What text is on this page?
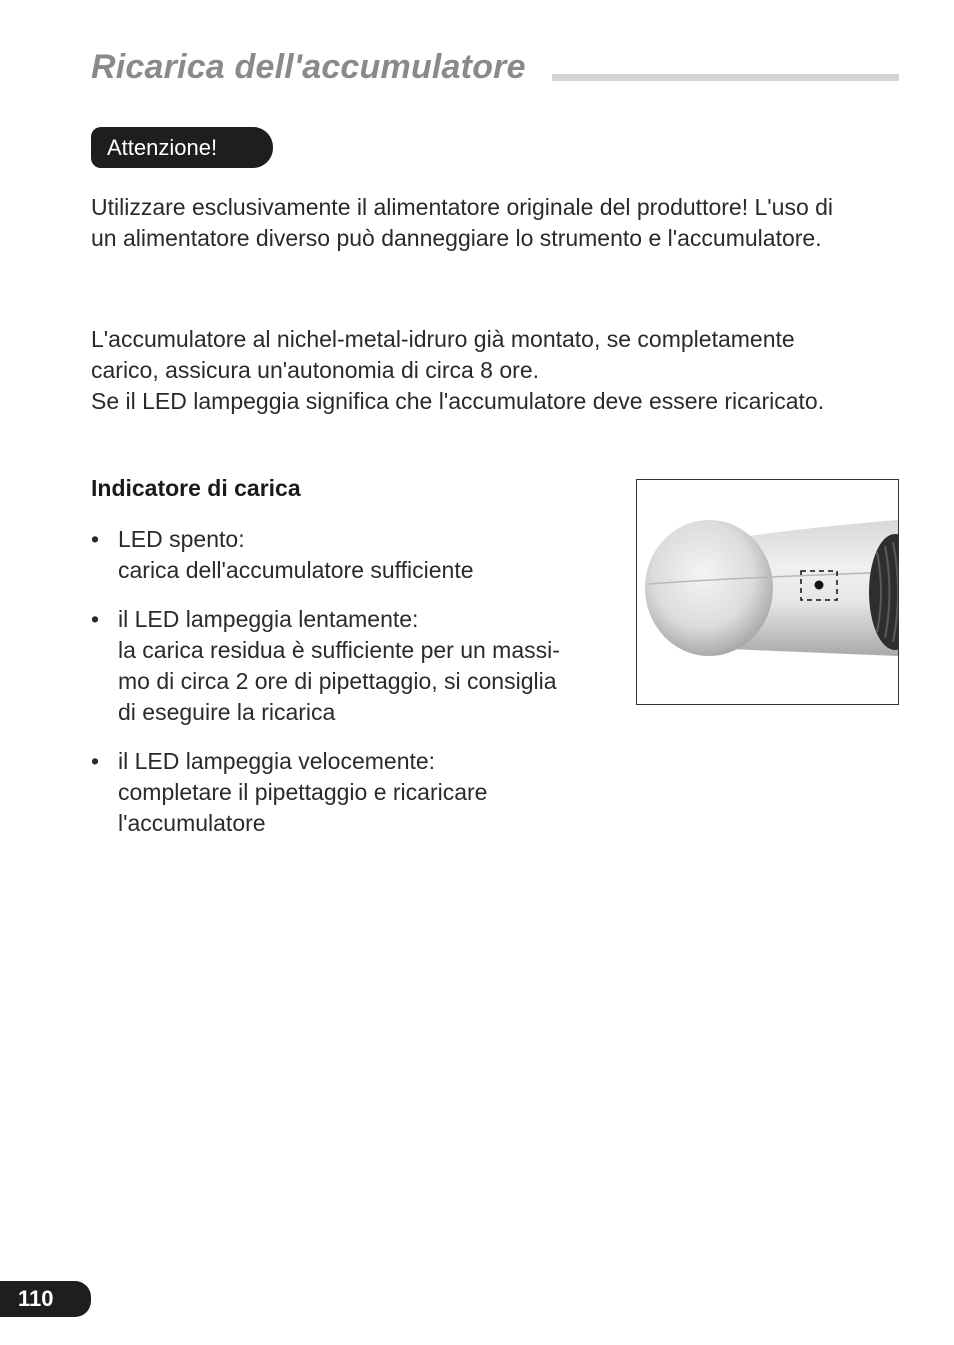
Ricarica dell'accumulatore
Attenzione!

Utilizzare esclusivamente il alimentatore originale del produttore! L'uso di
un alimentatore diverso può danneggiare lo strumento e l'accumulatore.

L'accumulatore al nichel-metal-idruro già montato, se completamente
carico, assicura un'autonomia di circa 8 ore.
Se il LED lampeggia significa che l'accumulatore deve essere ricaricato.

Indicatore di carica
• LED spento:
carica dell'accumulatore sufficiente
• il LED lampeggia lentamente:
la carica residua è sufficiente per un massi-
mo di circa 2 ore di pipettaggio, si consiglia
di eseguire la ricarica
• il LED lampeggia velocemente:
completare il pipettaggio e ricaricare
l'accumulatore
110
